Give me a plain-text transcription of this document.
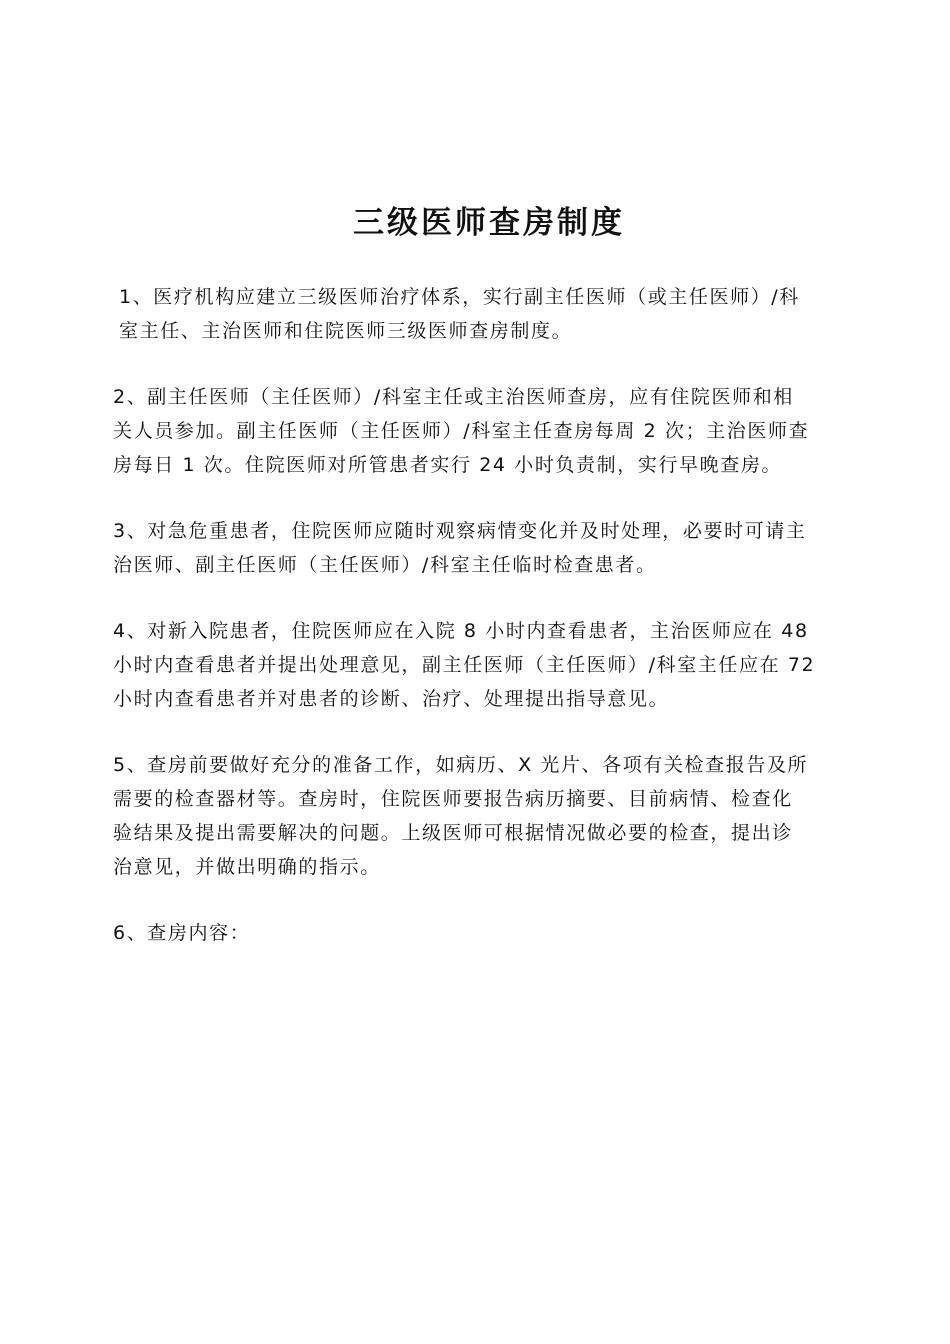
三级医师查房制度

1、医疗机构应建立三级医师治疗体系，实行副主任医师（或主任医师）/科
室主任、主治医师和住院医师三级医师查房制度。

2、副主任医师（主任医师）/科室主任或主治医师查房，应有住院医师和相
关人员参加。副主任医师（主任医师）/科室主任查房每周 2 次；主治医师查
房每日 1 次。住院医师对所管患者实行 24 小时负责制，实行早晚查房。

3、对急危重患者，住院医师应随时观察病情变化并及时处理，必要时可请主
治医师、副主任医师（主任医师）/科室主任临时检查患者。

4、对新入院患者，住院医师应在入院 8 小时内查看患者，主治医师应在 48
小时内查看患者并提出处理意见，副主任医师（主任医师）/科室主任应在 72
小时内查看患者并对患者的诊断、治疗、处理提出指导意见。

5、查房前要做好充分的准备工作，如病历、X 光片、各项有关检查报告及所
需要的检查器材等。查房时，住院医师要报告病历摘要、目前病情、检查化
验结果及提出需要解决的问题。上级医师可根据情况做必要的检查，提出诊
治意见，并做出明确的指示。

6、查房内容：
